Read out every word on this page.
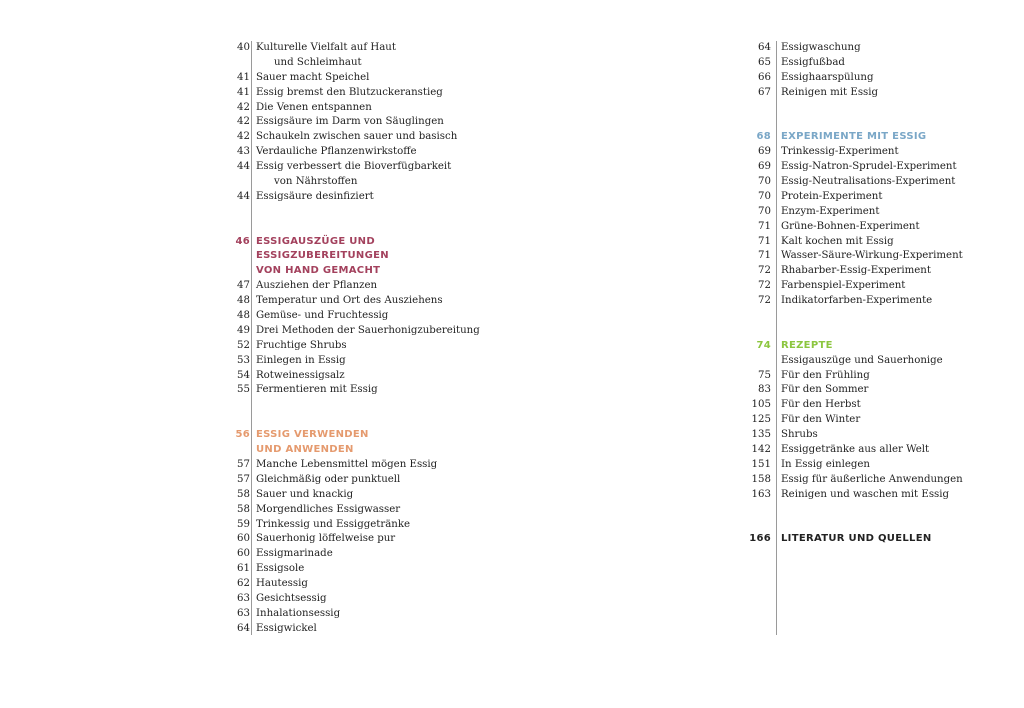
40 Kulturelle Vielfalt auf Haut
und Schleimhaut
41 Sauer macht Speichel
41 Essig bremst den Blutzuckeranstieg
42 Die Venen entspannen
42 Essigsäure im Darm von Säuglingen
42 Schaukeln zwischen sauer und basisch
43 Verdauliche Pflanzenwirkstoffe
44 Essig verbessert die Bioverfügbarkeit
von Nährstoffen
44 Essigsäure desinfiziert
46 ESSIGAUSZÜGE UND
ESSIGZUBEREITUNGEN
VON HAND GEMACHT
47 Ausziehen der Pflanzen
48 Temperatur und Ort des Ausziehens
48 Gemüse- und Fruchtessig
49 Drei Methoden der Sauerhonigzubereitung
52 Fruchtige Shrubs
53 Einlegen in Essig
54 Rotweinessigsalz
55 Fermentieren mit Essig
56 ESSIG VERWENDEN
UND ANWENDEN
57 Manche Lebensmittel mögen Essig
57 Gleichmäßig oder punktuell
58 Sauer und knackig
58 Morgendliches Essigwasser
59 Trinkessig und Essiggetränke
60 Sauerhonig löffelweise pur
60 Essigmarinade
61 Essigsole
62 Hautessig
63 Gesichtsessig
63 Inhalationsessig
64 Essigwickel
64 Essigwaschung
65 Essigfußbad
66 Essighaarspülung
67 Reinigen mit Essig
68 EXPERIMENTE MIT ESSIG
69 Trinkessig-Experiment
69 Essig-Natron-Sprudel-Experiment
70 Essig-Neutralisations-Experiment
70 Protein-Experiment
70 Enzym-Experiment
71 Grüne-Bohnen-Experiment
71 Kalt kochen mit Essig
71 Wasser-Säure-Wirkung-Experiment
72 Rhabarber-Essig-Experiment
72 Farbenspiel-Experiment
72 Indikatorfarben-Experimente
74 REZEPTE
Essigauszüge und Sauerhonige
75 Für den Frühling
83 Für den Sommer
105 Für den Herbst
125 Für den Winter
135 Shrubs
142 Essiggetränke aus aller Welt
151 In Essig einlegen
158 Essig für äußerliche Anwendungen
163 Reinigen und waschen mit Essig
166 LITERATUR UND QUELLEN
